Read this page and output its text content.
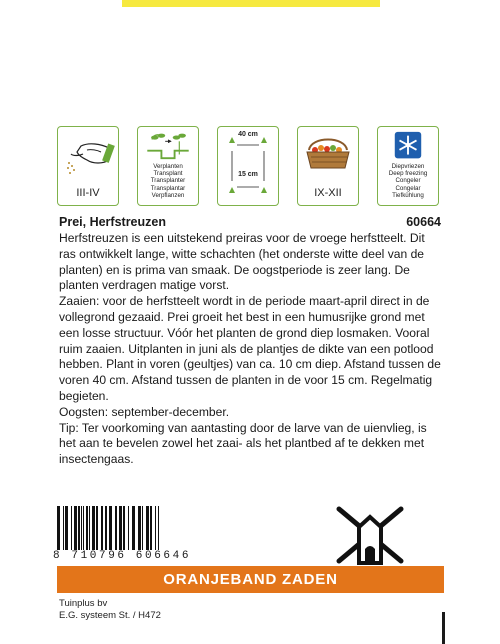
III-IV
Verplanten
Transplant
Transplanter
Transplantar
Verpflanzen
40 cm
15 cm
IX-XII
Diepvriezen
Deep freezing
Congeler
Congelar
Tiefkühlung
Prei, Herfstreuzen	60664

Herfstreuzen is een uitstekend preiras voor de vroege herfstteelt. Dit ras ontwikkelt lange, witte schachten (het onderste witte deel van de planten) en is prima van smaak. De oogstperiode is zeer lang. De planten verdragen matige vorst.

Zaaien: voor de herfstteelt wordt in de periode maart-april direct in de vollegrond gezaaid. Prei groeit het best in een humusrijke grond met een losse structuur. Vóór het planten de grond diep losmaken. Vooral ruim zaaien. Uitplanten in juni als de plantjes de dikte van een potlood hebben. Plant in voren (geultjes) van ca. 10 cm diep. Afstand tussen de voren 40 cm. Afstand tussen de planten in de voor 15 cm. Regelmatig begieten.

Oogsten: september-december.

Tip: Ter voorkoming van aantasting door de larve van de uienvlieg, is het aan te bevelen zowel het zaai- als het plantbed af te dekken met insectengaas.

8 710796 606646
ORANJEBAND ZADEN
Tuinplus bv
E.G. systeem St. / H472
